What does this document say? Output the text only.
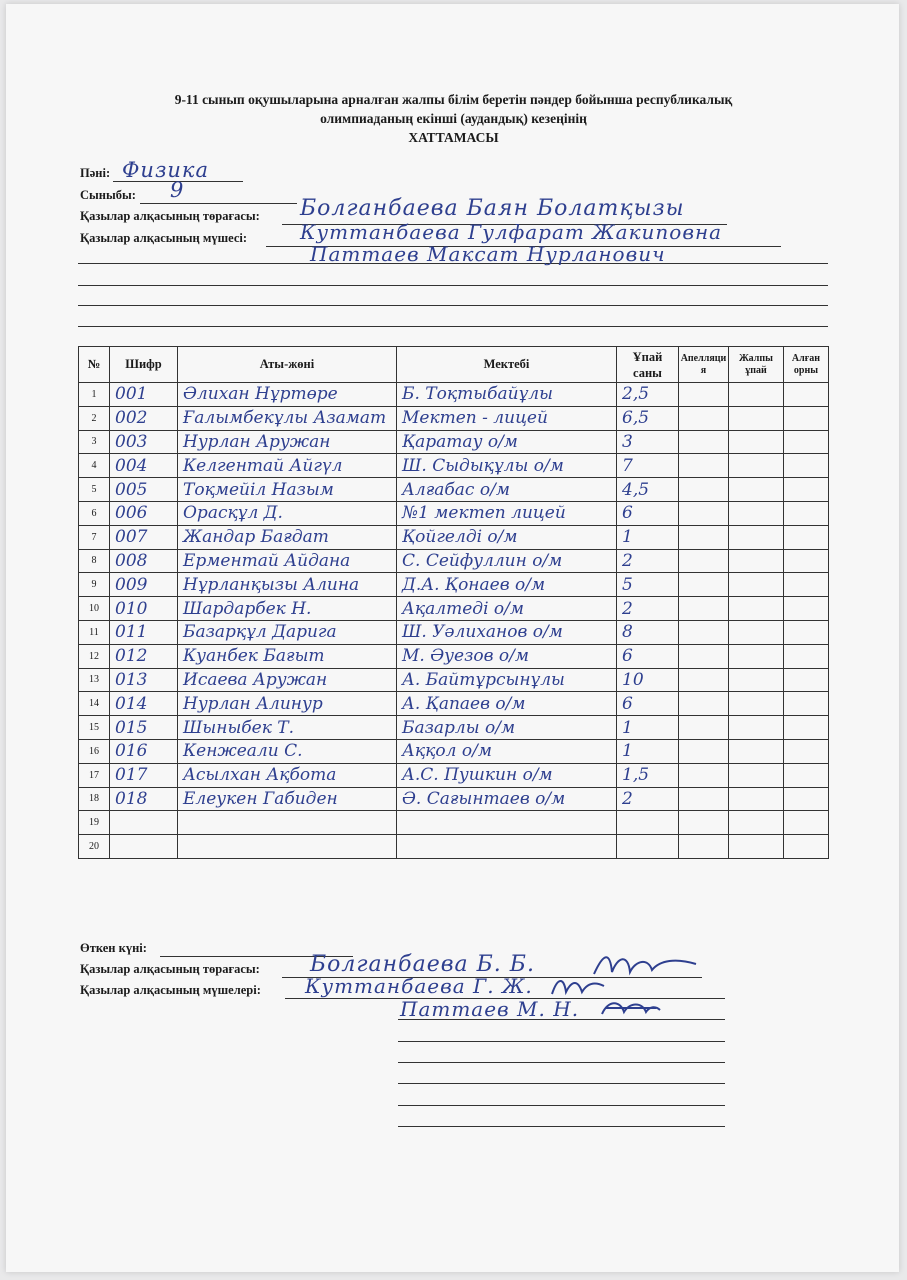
9-11 сынып оқушыларына арналған жалпы білім беретін пәндер бойынша республикалық
олимпиаданың екінші (аудандық) кезеңінің
ХАТТАМАСЫ
Пәні: Физика
Сыныбы: 9
Қазылар алқасының төрағасы: Болганбаева Баян Болатқызы
Қазылар алқасының мүшесі:	Куттанбаева Гулфарат Жакиповна
Паттаев Максат Нурланович
№	Шифр	Аты-жөні	Мектебі	Ұпай саны	Апелляция	Жалпы ұпай	Алған орны
1	001	Әлихан Нұртөре	Б. Тоқтыбайұлы	2,5			
2	002	Ғалымбекұлы Азамат	Мектеп - лицей	6,5			
3	003	Нурлан Аружан	Қаратау о/м	3			
4	004	Келгентай Айгүл	Ш. Сыдықұлы о/м	7			
5	005	Тоқмейіл Назым	Алғабас о/м	4,5			
6	006	Орасқұл Д.	№1 мектеп лицей	6			
7	007	Жандар Бағдат	Қойгелді о/м	1			
8	008	Ерментай Айдана	С. Сейфуллин о/м	2			
9	009	Нұрланқызы Алина	Д.А. Қонаев о/м	5			
10	010	Шардарбек Н.	Ақалтеді о/м	2			
11	011	Базарқұл Дарига	Ш. Уәлиханов о/м	8			
12	012	Куанбек Бағыт	М. Әуезов о/м	6			
13	013	Исаева Аружан	А. Байтұрсынұлы	10			
14	014	Нурлан Алинур	А. Қапаев о/м	6			
15	015	Шыныбек Т.	Базарлы о/м	1			
16	016	Кенжеали С.	Аққол о/м	1			
17	017	Асылхан Ақбота	А.С. Пушкин о/м	1,5			
18	018	Елеукен Габиден	Ә. Сағынтаев о/м	2			
19							
20							
Өткен күні:
Қазылар алқасының төрағасы: Болганбаева Б. Б.
Қазылар алқасының мүшелері: Куттанбаева Г. Ж.
Паттаев М. Н.
